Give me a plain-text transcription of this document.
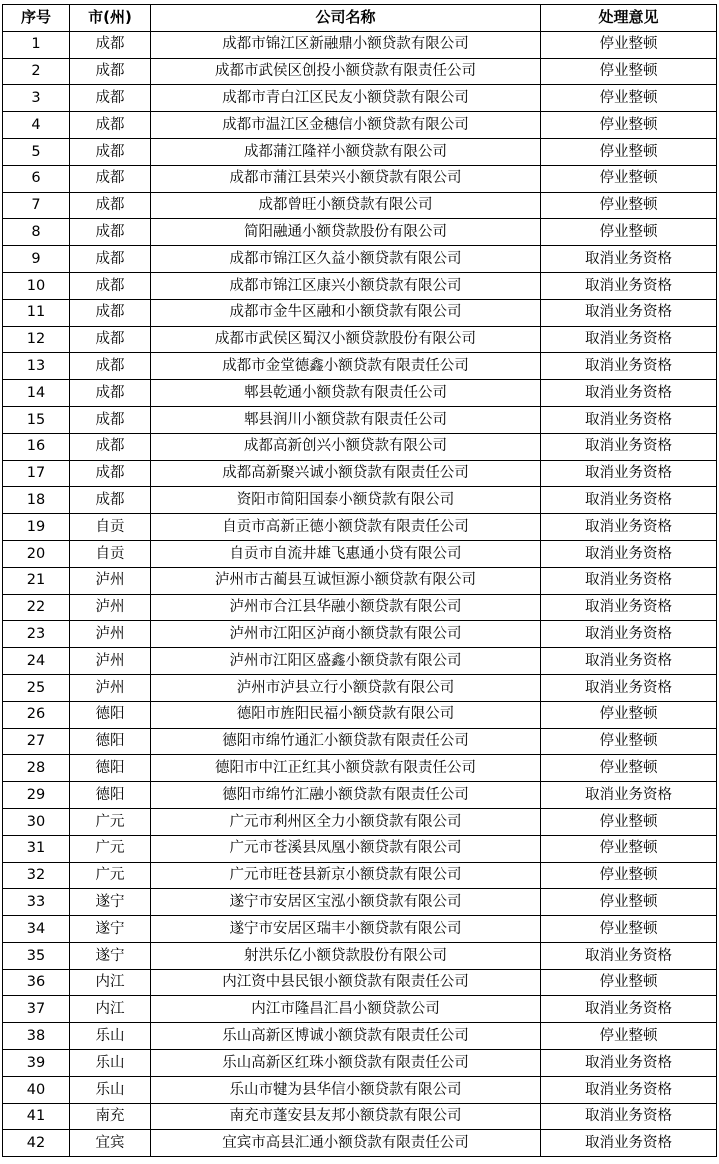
序号	市(州)	公司名称	处理意见
1	成都	成都市锦江区新融鼎小额贷款有限公司	停业整顿
2	成都	成都市武侯区创投小额贷款有限责任公司	停业整顿
3	成都	成都市青白江区民友小额贷款有限公司	停业整顿
4	成都	成都市温江区金穗信小额贷款有限公司	停业整顿
5	成都	成都蒲江隆祥小额贷款有限公司	停业整顿
6	成都	成都市蒲江县荣兴小额贷款有限公司	停业整顿
7	成都	成都曾旺小额贷款有限公司	停业整顿
8	成都	简阳融通小额贷款股份有限公司	停业整顿
9	成都	成都市锦江区久益小额贷款有限公司	取消业务资格
10	成都	成都市锦江区康兴小额贷款有限公司	取消业务资格
11	成都	成都市金牛区融和小额贷款有限公司	取消业务资格
12	成都	成都市武侯区蜀汉小额贷款股份有限公司	取消业务资格
13	成都	成都市金堂德鑫小额贷款有限责任公司	取消业务资格
14	成都	郫县乾通小额贷款有限责任公司	取消业务资格
15	成都	郫县润川小额贷款有限责任公司	取消业务资格
16	成都	成都高新创兴小额贷款有限公司	取消业务资格
17	成都	成都高新聚兴诚小额贷款有限责任公司	取消业务资格
18	成都	资阳市简阳国泰小额贷款有限公司	取消业务资格
19	自贡	自贡市高新正德小额贷款有限责任公司	取消业务资格
20	自贡	自贡市自流井雄飞惠通小贷有限公司	取消业务资格
21	泸州	泸州市古蔺县互诚恒源小额贷款有限公司	取消业务资格
22	泸州	泸州市合江县华融小额贷款有限公司	取消业务资格
23	泸州	泸州市江阳区泸商小额贷款有限公司	取消业务资格
24	泸州	泸州市江阳区盛鑫小额贷款有限公司	取消业务资格
25	泸州	泸州市泸县立行小额贷款有限公司	取消业务资格
26	德阳	德阳市旌阳民福小额贷款有限公司	停业整顿
27	德阳	德阳市绵竹通汇小额贷款有限责任公司	停业整顿
28	德阳	德阳市中江正红其小额贷款有限责任公司	停业整顿
29	德阳	德阳市绵竹汇融小额贷款有限责任公司	取消业务资格
30	广元	广元市利州区全力小额贷款有限公司	停业整顿
31	广元	广元市苍溪县凤凰小额贷款有限公司	停业整顿
32	广元	广元市旺苍县新京小额贷款有限公司	停业整顿
33	遂宁	遂宁市安居区宝泓小额贷款有限公司	停业整顿
34	遂宁	遂宁市安居区瑞丰小额贷款有限公司	停业整顿
35	遂宁	射洪乐亿小额贷款股份有限公司	取消业务资格
36	内江	内江资中县民银小额贷款有限责任公司	停业整顿
37	内江	内江市隆昌汇昌小额贷款公司	取消业务资格
38	乐山	乐山高新区博诚小额贷款有限责任公司	停业整顿
39	乐山	乐山高新区红珠小额贷款有限责任公司	取消业务资格
40	乐山	乐山市犍为县华信小额贷款有限公司	取消业务资格
41	南充	南充市蓬安县友邦小额贷款有限公司	取消业务资格
42	宜宾	宜宾市高县汇通小额贷款有限责任公司	取消业务资格
